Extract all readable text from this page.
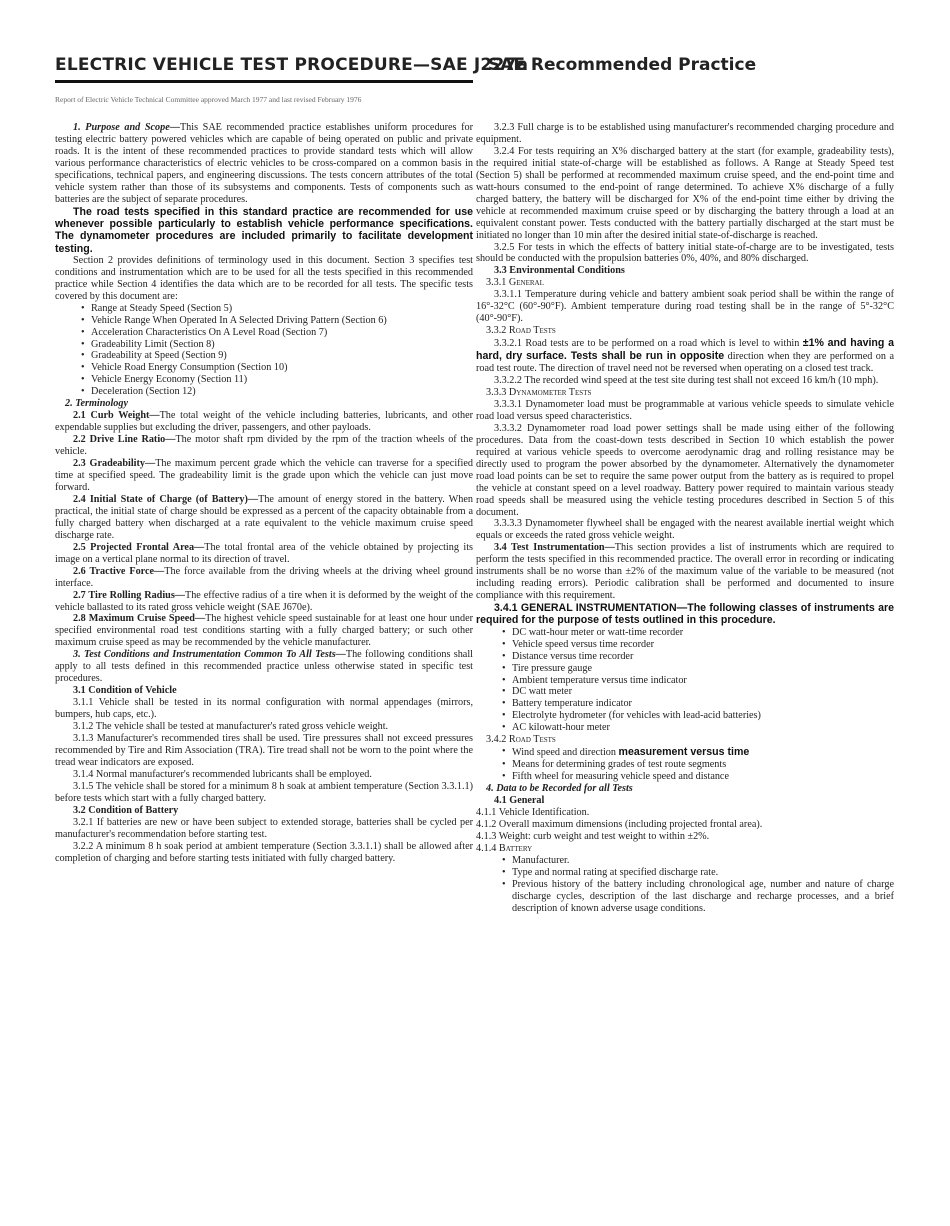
ELECTRIC VEHICLE TEST PROCEDURE—SAE J227a
SAE Recommended Practice
Report of Electric Vehicle Technical Committee approved March 1977 and last revised February 1976

1. Purpose and Scope—This SAE recommended practice establishes uniform procedures for testing electric battery powered vehicles which are capable of being operated on public and private roads. It is the intent of these recommended practices to provide standard tests which will allow various performance characteristics of electric vehicles to be cross-compared on a common basis in specifications, technical papers, and engineering discussions. The tests concern attributes of the total vehicle system rather than those of its subsystems and components. Tests of components such as batteries are the subject of separate procedures.

The road tests specified in this standard practice are recommended for use whenever possible particularly to establish vehicle performance specifications. The dynamometer procedures are included primarily to facilitate development testing.

Section 2 provides definitions of terminology used in this document. Section 3 specifies test conditions and instrumentation which are to be used for all the tests specified in this recommended practice while Section 4 identifies the data which are to be recorded for all tests. The specific tests covered by this document are:

• Range at Steady Speed (Section 5)
• Vehicle Range When Operated In A Selected Driving Pattern (Section 6)
• Acceleration Characteristics On A Level Road (Section 7)
• Gradeability Limit (Section 8)
• Gradeability at Speed (Section 9)
• Vehicle Road Energy Consumption (Section 10)
• Vehicle Energy Economy (Section 11)
• Deceleration (Section 12)

2. Terminology

2.1 Curb Weight—The total weight of the vehicle including batteries, lubricants, and other expendable supplies but excluding the driver, passengers, and other payloads.

2.2 Drive Line Ratio—The motor shaft rpm divided by the rpm of the traction wheels of the vehicle.

2.3 Gradeability—The maximum percent grade which the vehicle can traverse for a specified time at specified speed. The gradeability limit is the grade upon which the vehicle can just move forward.

2.4 Initial State of Charge (of Battery)—The amount of energy stored in the battery. When practical, the initial state of charge should be expressed as a percent of the capacity obtainable from a fully charged battery when discharged at a rate equivalent to the vehicle maximum cruise speed discharge rate.

2.5 Projected Frontal Area—The total frontal area of the vehicle obtained by projecting its image on a vertical plane normal to its direction of travel.

2.6 Tractive Force—The force available from the driving wheels at the driving wheel ground interface.

2.7 Tire Rolling Radius—The effective radius of a tire when it is deformed by the weight of the vehicle ballasted to its rated gross vehicle weight (SAE J670e).

2.8 Maximum Cruise Speed—The highest vehicle speed sustainable for at least one hour under specified environmental road test conditions starting with a fully charged battery; or such other maximum cruise speed as may be recommended by the vehicle manufacturer.

3. Test Conditions and Instrumentation Common To All Tests—The following conditions shall apply to all tests defined in this recommended practice unless otherwise stated in specific test procedures.

3.1 Condition of Vehicle

3.1.1 Vehicle shall be tested in its normal configuration with normal appendages (mirrors, bumpers, hub caps, etc.).

3.1.2 The vehicle shall be tested at manufacturer's rated gross vehicle weight.

3.1.3 Manufacturer's recommended tires shall be used. Tire pressures shall not exceed pressures recommended by Tire and Rim Association (TRA). Tire tread shall not be worn to the point where the tread wear indicators are exposed.

3.1.4 Normal manufacturer's recommended lubricants shall be employed.

3.1.5 The vehicle shall be stored for a minimum 8 h soak at ambient temperature (Section 3.3.1.1) before tests which start with a fully charged battery.

3.2 Condition of Battery

3.2.1 If batteries are new or have been subject to extended storage, batteries shall be cycled per manufacturer's recommendation before starting test.

3.2.2 A minimum 8 h soak period at ambient temperature (Section 3.3.1.1) shall be allowed after completion of charging and before starting tests initiated with fully charged battery.

3.2.3 Full charge is to be established using manufacturer's recommended charging procedure and equipment.

3.2.4 For tests requiring an X% discharged battery at the start (for example, gradeability tests), the required initial state-of-charge will be established as follows. A Range at Steady Speed test (Section 5) shall be performed at recommended maximum cruise speed, and the end-point time and watt-hours consumed to the end-point of range determined. To achieve X% discharge of a fully charged battery, the battery will be discharged for X% of the end-point time either by driving the vehicle at recommended maximum cruise speed or by discharging the battery through a load at an equivalent constant power. Tests conducted with the battery partially discharged at the start must be initiated no longer than 10 min after the desired initial state-of-discharge is reached.

3.2.5 For tests in which the effects of battery initial state-of-charge are to be investigated, tests should be conducted with the propulsion batteries 0%, 40%, and 80% discharged.

3.3 Environmental Conditions

3.3.1 General

3.3.1.1 Temperature during vehicle and battery ambient soak period shall be within the range of 16°-32°C (60°-90°F). Ambient temperature during road testing shall be in the range of 5°-32°C (40°-90°F).

3.3.2 Road Tests

3.3.2.1 Road tests are to be performed on a road which is level to within ±1% and having a hard, dry surface. Tests shall be run in opposite direction when they are performed on a road test route. The direction of travel need not be reversed when operating on a closed test track.

3.3.2.2 The recorded wind speed at the test site during test shall not exceed 16 km/h (10 mph).

3.3.3 Dynamometer Tests

3.3.3.1 Dynamometer load must be programmable at various vehicle speeds to simulate vehicle road load versus speed characteristics.

3.3.3.2 Dynamometer road load power settings shall be made using either of the following procedures. Data from the coast-down tests described in Section 10 which establish the power required at various vehicle speeds to overcome aerodynamic drag and rolling resistance may be directly used to program the power absorbed by the dynamometer. Alternatively the dynamometer road load points can be set to require the same power output from the battery as is required to propel the vehicle at constant speed on a level roadway. Battery power required to maintain various steady road speeds shall be measured using the vehicle testing procedures described in Section 5 of this document.

3.3.3.3 Dynamometer flywheel shall be engaged with the nearest available inertial weight which equals or exceeds the rated gross vehicle weight.

3.4 Test Instrumentation—This section provides a list of instruments which are required to perform the tests specified in this recommended practice. The overall error in recording or indicating instruments shall be no worse than ±2% of the maximum value of the variable to be measured (not including reading errors). Periodic calibration shall be performed and documented to insure compliance with this requirement.

3.4.1 GENERAL INSTRUMENTATION—The following classes of instruments are required for the purpose of tests outlined in this procedure.

• DC watt-hour meter or watt-time recorder
• Vehicle speed versus time recorder
• Distance versus time recorder
• Tire pressure gauge
• Ambient temperature versus time indicator
• DC watt meter
• Battery temperature indicator
• Electrolyte hydrometer (for vehicles with lead-acid batteries)
• AC kilowatt-hour meter

3.4.2 Road Tests

• Wind speed and direction measurement versus time
• Means for determining grades of test route segments
• Fifth wheel for measuring vehicle speed and distance

4. Data to be Recorded for all Tests

4.1 General

4.1.1 Vehicle Identification.

4.1.2 Overall maximum dimensions (including projected frontal area).

4.1.3 Weight: curb weight and test weight to within ±2%.

4.1.4 Battery

• Manufacturer.
• Type and normal rating at specified discharge rate.
• Previous history of the battery including chronological age, number and nature of charge discharge cycles, description of the last discharge and recharge processes, and a brief description of known adverse usage conditions.
